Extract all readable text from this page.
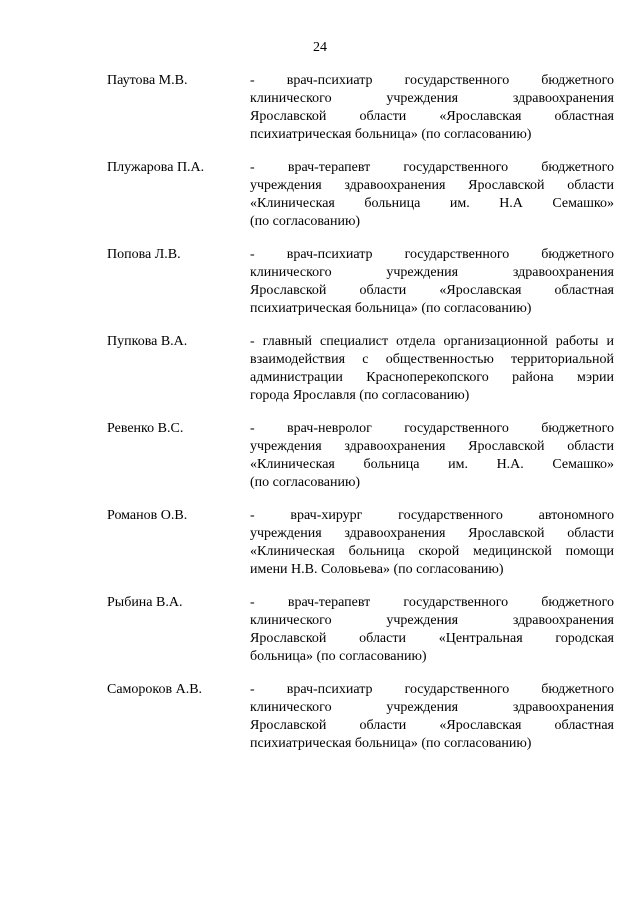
24
Паутова М.В.	- врач-психиатр государственного бюджетного
клинического учреждения здравоохранения
Ярославской области «Ярославская областная
психиатрическая больница» (по согласованию)
Плужарова П.А.	- врач-терапевт государственного бюджетного
учреждения здравоохранения Ярославской области
«Клиническая больница им. Н.А Семашко»
(по согласованию)
Попова Л.В.	- врач-психиатр государственного бюджетного
клинического учреждения здравоохранения
Ярославской области «Ярославская областная
психиатрическая больница» (по согласованию)
Пупкова В.А.	- главный специалист отдела организационной работы и
взаимодействия с общественностью территориальной
администрации Красноперекопского района мэрии
города Ярославля (по согласованию)
Ревенко В.С.	- врач-невролог государственного бюджетного
учреждения здравоохранения Ярославской области
«Клиническая больница им. Н.А. Семашко»
(по согласованию)
Романов О.В.	- врач-хирург государственного автономного
учреждения здравоохранения Ярославской области
«Клиническая больница скорой медицинской помощи
имени Н.В. Соловьева» (по согласованию)
Рыбина В.А.	- врач-терапевт государственного бюджетного
клинического учреждения здравоохранения
Ярославской области «Центральная городская
больница» (по согласованию)
Самороков А.В.	- врач-психиатр государственного бюджетного
клинического учреждения здравоохранения
Ярославской области «Ярославская областная
психиатрическая больница» (по согласованию)
